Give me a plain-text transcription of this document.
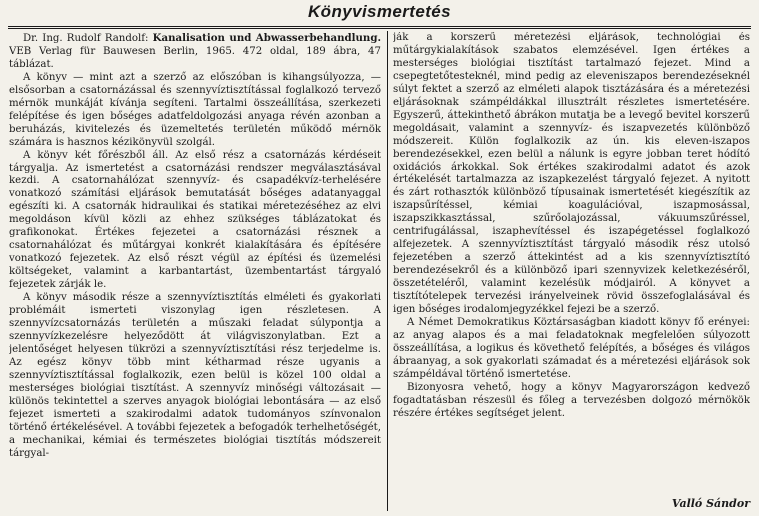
Könyvismertetés

Dr. Ing. Rudolf Randolf: Kanalisation und Abwasserbehandlung. VEB Verlag für Bauwesen Berlin, 1965. 472 oldal, 189 ábra, 47 táblázat.

A könyv — mint azt a szerző az előszóban is kihangsúlyozza, — elsősorban a csatornázással és szennyvíztisztítással foglalkozó tervező mérnök munkáját kívánja segíteni. Tartalmi összeállítása, szerkezeti felépítése és igen bőséges adatfeldolgozási anyaga révén azonban a beruházás, kivitelezés és üzemeltetés területén működő mérnök számára is hasznos kézikönyvül szolgál.

A könyv két főrészből áll. Az első rész a csatornázás kérdéseit tárgyalja. Az ismertetést a csatornázási rendszer megválasztásával kezdi. A csatornahálózat szennyvíz- és csapadékvíz-terhelésére vonatkozó számítási eljárások bemutatását bőséges adatanyaggal egészíti ki. A csatornák hidraulikai és statikai méretezéséhez az elvi megoldáson kívül közli az ehhez szükséges táblázatokat és grafikonokat. Értékes fejezetei a csatornázási résznek a csatornahálózat és műtárgyai konkrét kialakítására és építésére vonatkozó fejezetek. Az első részt végül az építési és üzemelési költségeket, valamint a karbantartást, üzembentartást tárgyaló fejezetek zárják le.

A könyv második része a szennyvíztisztítás elméleti és gyakorlati problémáit ismerteti viszonylag igen részletesen. A szennyvízcsatornázás területén a műszaki feladat súlypontja a szennyvízkezelésre helyeződött át világviszonylatban. Ezt a jelentőséget helyesen tükrözi a szennyvíztisztítási rész terjedelme is. Az egész könyv több mint kétharmad része ugyanis a szennyvíztisztítással foglalkozik, ezen belül is közel 100 oldal a mesterséges biológiai tisztítást. A szennyvíz minőségi változásait — különös tekintettel a szerves anyagok biológiai lebontására — az első fejezet ismerteti a szakirodalmi adatok tudományos színvonalon történő értékelésével. A további fejezetek a befogadók terhelhetőségét, a mechanikai, kémiai és természetes biológiai tisztítás módszereit tárgyal-

ják a korszerű méretezési eljárások, technológiai és műtárgykialakítások szabatos elemzésével. Igen értékes a mesterséges biológiai tisztítást tartalmazó fejezet. Mind a csepegtetőtesteknél, mind pedig az eleveniszapos berendezéseknél súlyt fektet a szerző az elméleti alapok tisztázására és a méretezési eljárásoknak számpéldákkal illusztrált részletes ismertetésére. Egyszerű, áttekinthető ábrákon mutatja be a levegő bevitel korszerű megoldásait, valamint a szennyvíz- és iszapvezetés különböző módszereit. Külön foglalkozik az ún. kis eleven-iszapos berendezésekkel, ezen belül a nálunk is egyre jobban teret hódító oxidációs árkokkal. Sok értékes szakirodalmi adatot és azok értékelését tartalmazza az iszapkezelést tárgyaló fejezet. A nyitott és zárt rothasztók különböző típusainak ismertetését kiegészítik az iszapsűrítéssel, kémiai koagulációval, iszapmosással, iszapszikkasztással, szűrőolajozással, vákuumszűréssel, centrifugálással, iszaphevítéssel és iszapégetéssel foglalkozó alfejezetek. A szennyvíztisztítást tárgyaló második rész utolsó fejezetében a szerző áttekintést ad a kis szennyvíztisztító berendezésekről és a különböző ipari szennyvizek keletkezéséről, összetételéről, valamint kezelésük módjairól. A könyvet a tisztítótelepek tervezési irányelveinek rövid összefoglalásával és igen bőséges irodalomjegyzékkel fejezi be a szerző.

A Német Demokratikus Köztársaságban kiadott könyv fő erényei: az anyag alapos és a mai feladatoknak megfelelően súlyozott összeállítása, a logikus és követhető felépítés, a bőséges és világos ábraanyag, a sok gyakorlati számadat és a méretezési eljárások sok számpéldával történő ismertetése.

Bizonyosra vehető, hogy a könyv Magyarországon kedvező fogadtatásban részesül és főleg a tervezésben dolgozó mérnökök részére értékes segítséget jelent.

Valló Sándor
